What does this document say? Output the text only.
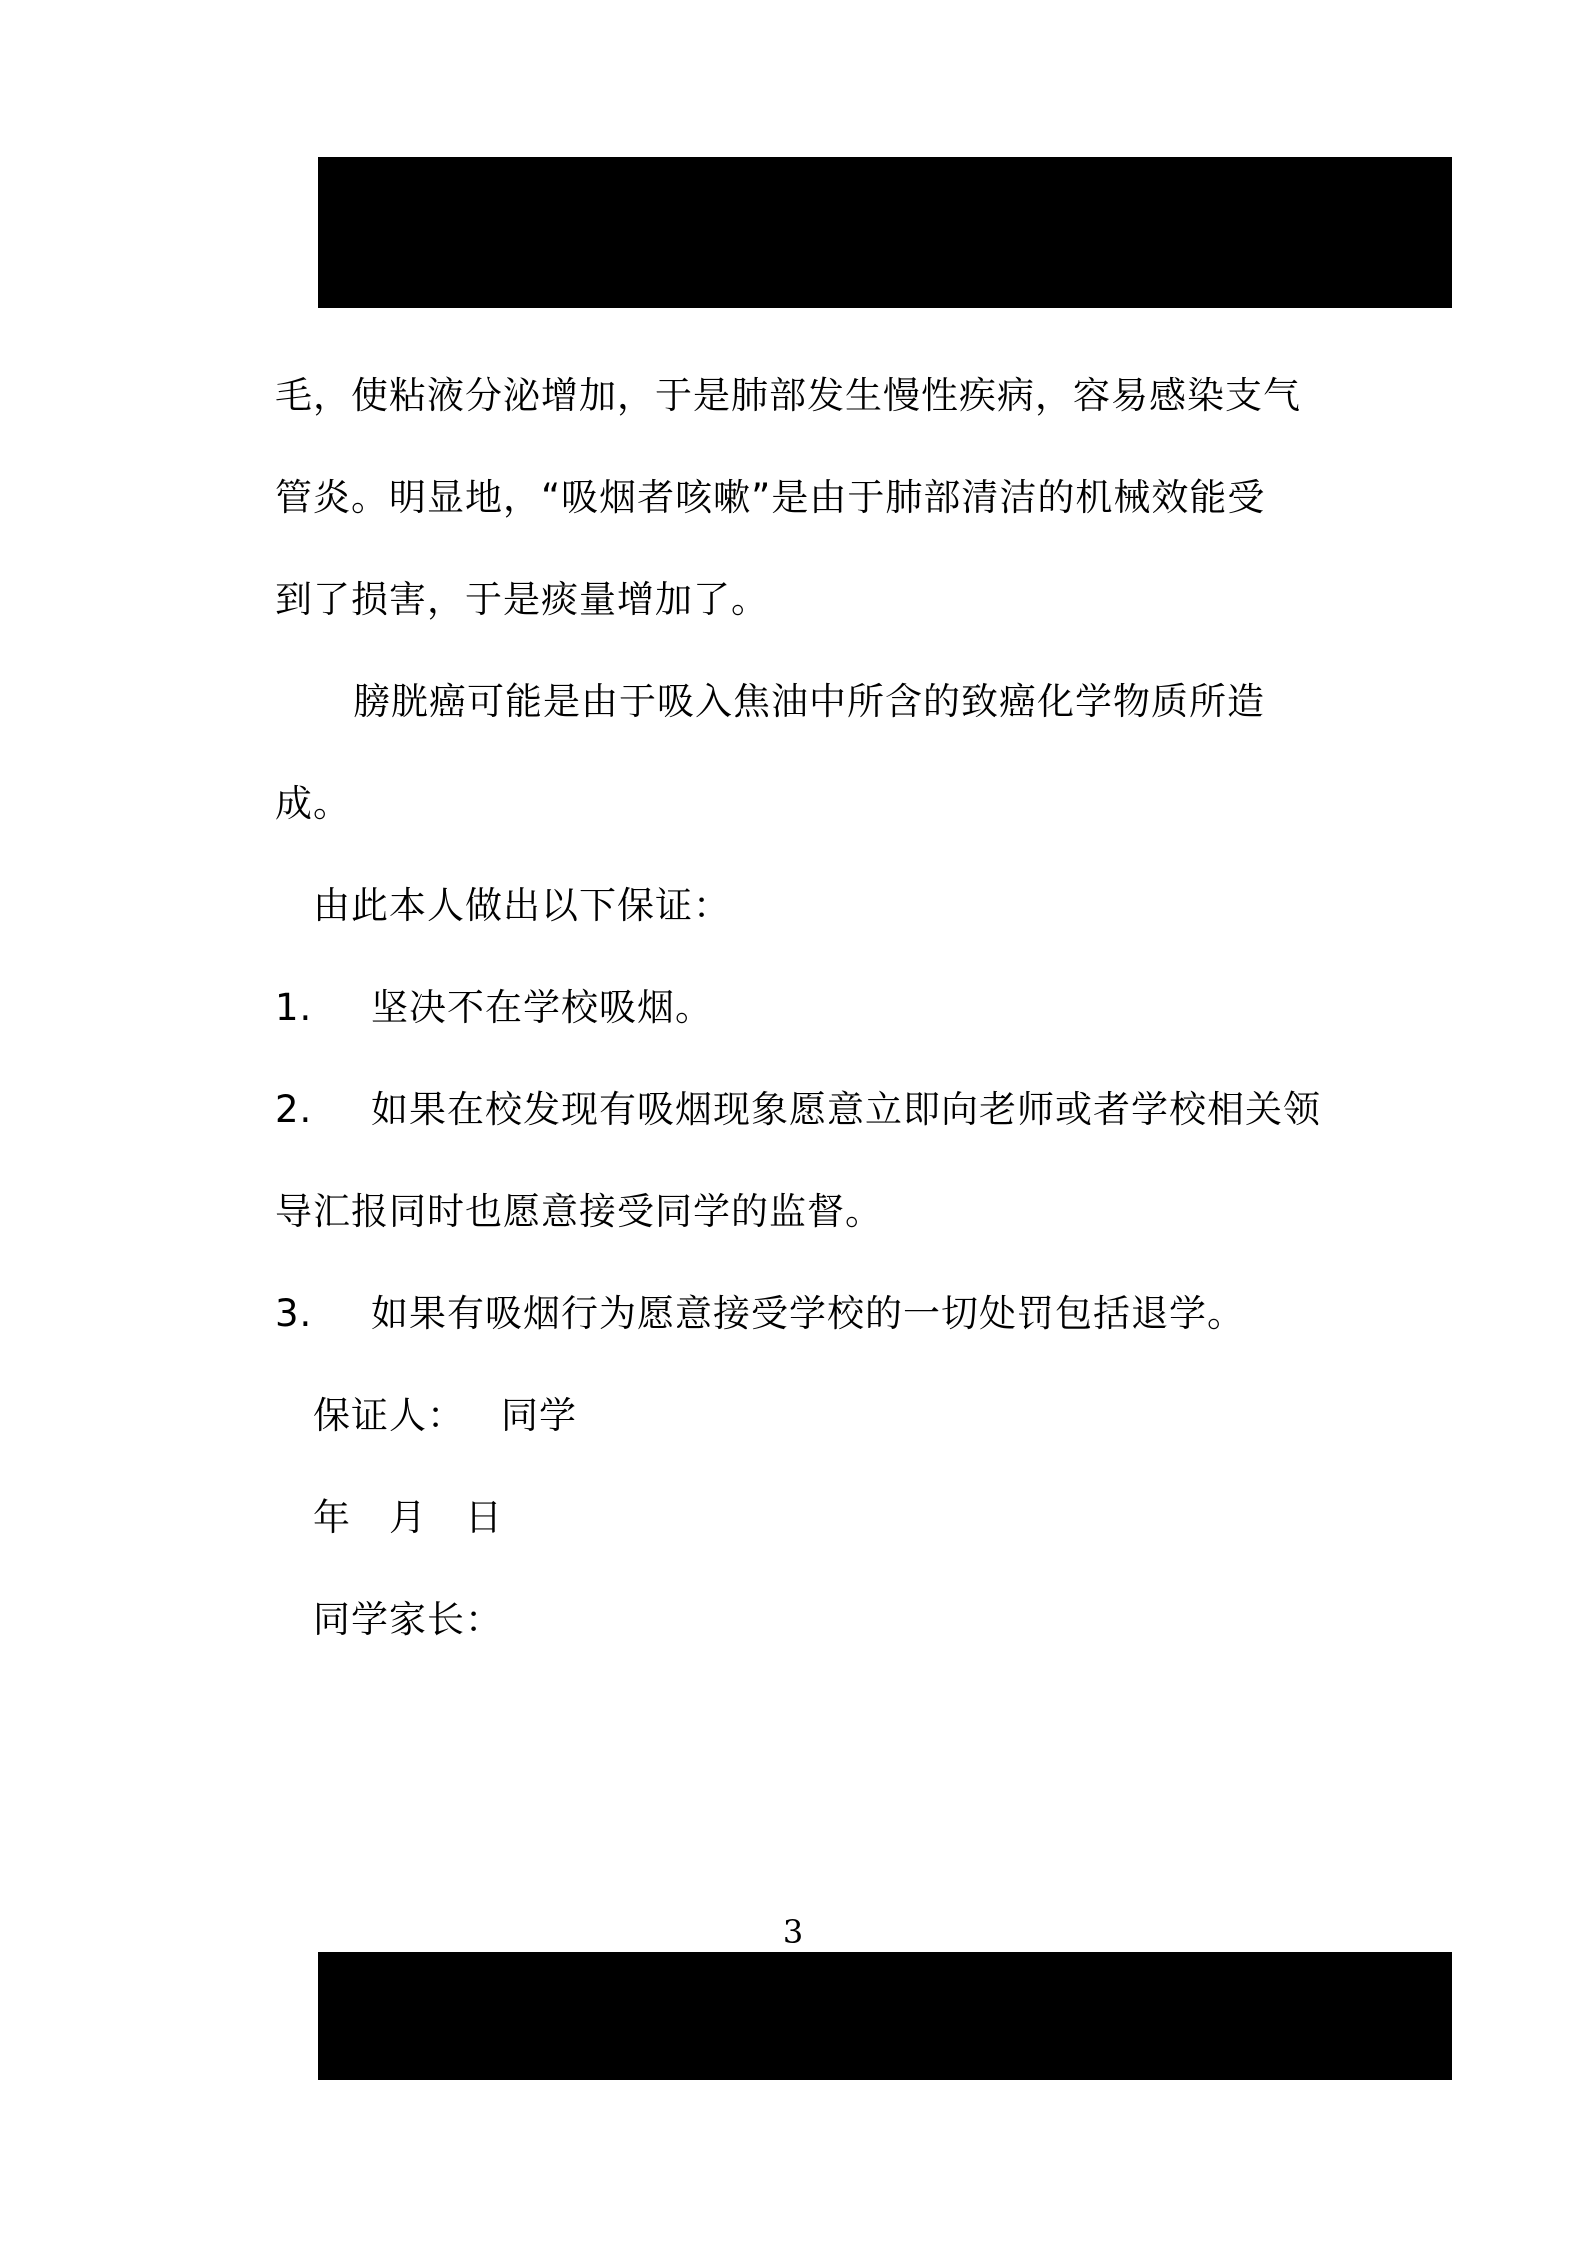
毛，使粘液分泌增加，于是肺部发生慢性疾病，容易感染支气
管炎。明显地，“吸烟者咳嗽”是由于肺部清洁的机械效能受
到了损害，于是痰量增加了。
膀胱癌可能是由于吸入焦油中所含的致癌化学物质所造
成。
由此本人做出以下保证：
1. 坚决不在学校吸烟。
2. 如果在校发现有吸烟现象愿意立即向老师或者学校相关领
导汇报同时也愿意接受同学的监督。
3. 如果有吸烟行为愿意接受学校的一切处罚包括退学。
保证人： 同学
年 月 日
同学家长：
3
